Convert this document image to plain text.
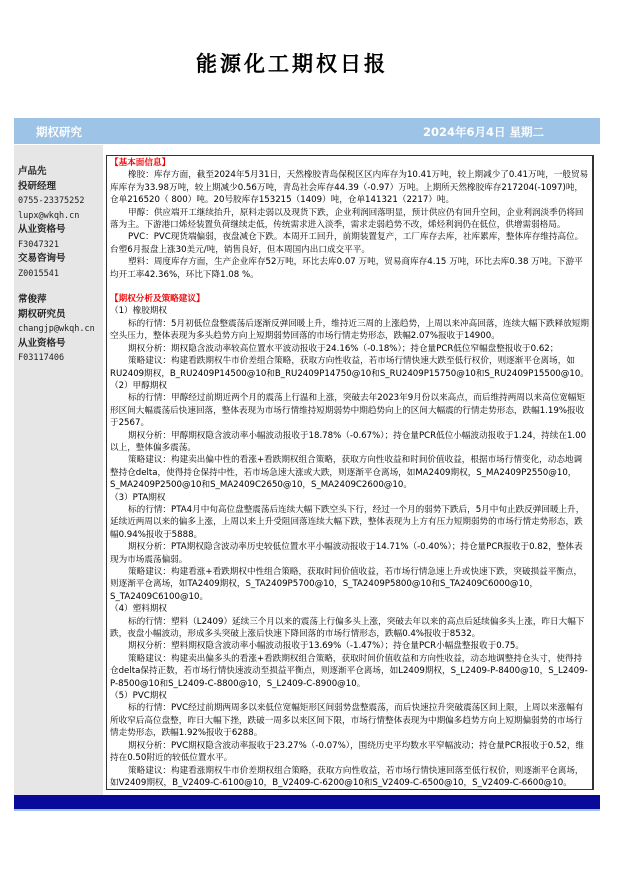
能源化工期权日报
期权研究	2024年6月4日 星期二
卢品先
投研经理
0755-23375252
lupx@wkqh.cn
从业资格号
F3047321
交易咨询号
Z0015541
常俊萍
期权研究员
changjp@wkqh.cn
从业资格号
F03117406
【基本面信息】

橡胶：库存方面，截至2024年5月31日，天然橡胶青岛保税区区内库存为10.41万吨，较上期减少了0.41万吨，一般贸易库库存为33.98万吨，较上期减少0.56万吨，青岛社会库存44.39（-0.97）万吨。上期所天然橡胶库存217204(-1097)吨，仓单216520（ 800）吨。20号胶库存153215（1409）吨，仓单141321（2217）吨。

甲醇：供应端开工继续抬升，原料走弱以及现货下跌，企业利润回落明显，预计供应仍有回升空间，企业利润淡季仍将回落为主。下游港口烯烃装置负荷继续走低，传统需求进入淡季，需求走弱趋势不改，烯烃利润仍在低位，供增需弱格局。

PVC：PVC现货端偏弱，夜盘减仓下跌。本周开工回升，前期装置复产，工厂库存去库，社库累库，整体库存维持高位。台塑6月报盘上涨30美元/吨，销售良好，但本周国内出口成交平平。

塑料：周度库存方面，生产企业库存52万吨，环比去库0.07 万吨，贸易商库存4.15 万吨，环比去库0.38 万吨。下游平均开工率42.36%，环比下降1.08 %。

【期权分析及策略建议】

（1）橡胶期权

标的行情：5月初低位盘整震荡后逐渐反弹回暖上升，维持近三周的上涨趋势，上周以来冲高回落，连续大幅下跌释放短期空头压力，整体表现为多头趋势方向上短期弱势回落的市场行情走势形态，跌幅2.07%报收于14900。

期权分析：期权隐含波动率较高位置水平波动报收于24.16%（-0.18%）；持仓量PCR低位窄幅盘整报收于0.62；

策略建议：构建看跌期权牛市价差组合策略，获取方向性收益，若市场行情快速大跌至低行权价，则逐渐平仓离场，如RU2409期权，B_RU2409P14500@10和B_RU2409P14750@10和S_RU2409P15750@10和S_RU2409P15500@10。

（2）甲醇期权

标的行情：甲醇经过前期近两个月的震荡上行温和上涨，突破去年2023年9月份以来高点，而后维持两周以来高位宽幅矩形区间大幅震荡后快速回落，整体表现为市场行情维持短期弱势中期趋势向上的区间大幅震的行情走势形态，跌幅1.19%报收于2567。

期权分析：甲醇期权隐含波动率小幅波动报收于18.78%（-0.67%）；持仓量PCR低位小幅波动报收于1.24，持续在1.00以上，整体偏多震荡。

策略建议：构建卖出偏中性的看涨+看跌期权组合策略，获取方向性收益和时间价值收益，根据市场行情变化，动态地调整持仓delta，使得持仓保持中性，若市场急速大涨或大跌，则逐渐平仓离场，如MA2409期权，S_MA2409P2550@10，S_MA2409P2500@10和S_MA2409C2650@10，S_MA2409C2600@10。

（3）PTA期权

标的行情：PTA4月中旬高位盘整震荡后连续大幅下跌空头下行，经过一个月的弱势下跌后，5月中旬止跌反弹回暖上升，延续近两周以来的偏多上涨，上周以来上升受阻回落连续大幅下跌，整体表现为上方有压力短期弱势的市场行情走势形态，跌幅0.94%报收于5888。

期权分析：PTA期权隐含波动率历史较低位置水平小幅波动报收于14.71%（-0.40%）；持仓量PCR报收于0.82，整体表现为市场震荡偏弱。

策略建议：构建看涨+看跌期权中性组合策略，获取时间价值收益，若市场行情急速上升或快速下跌，突破损益平衡点，则逐渐平仓离场，如TA2409期权，S_TA2409P5700@10，S_TA2409P5800@10和S_TA2409C6000@10，S_TA2409C6100@10。

（4）塑料期权

标的行情：塑料（L2409）延续三个月以来的震荡上行偏多头上涨，突破去年以来的高点后延续偏多头上涨，昨日大幅下跌，夜盘小幅波动，形成多头突破上涨后快速下降回落的市场行情形态，跌幅0.4%报收于8532。

期权分析：塑料期权隐含波动率小幅波动报收于13.69%（-1.47%）；持仓量PCR小幅盘整报收于0.75。

策略建议：构建卖出偏多头的看涨+看跌期权组合策略，获取时间价值收益和方向性收益，动态地调整持仓头寸，使得持仓delta保持正数，若市场行情快速波动至损益平衡点，则逐渐平仓离场，如L2409期权，S_L2409-P-8400@10，S_L2409-P-8500@10和S_L2409-C-8800@10，S_L2409-C-8900@10。

（5）PVC期权

标的行情：PVC经过前期两周多以来低位宽幅矩形区间弱势盘整震荡，而后快速拉升突破震荡区间上限，上周以来涨幅有所收窄后高位盘整，昨日大幅下挫，跌破一周多以来区间下限，市场行情整体表现为中期偏多趋势方向上短期偏弱势的市场行情走势形态，跌幅1.92%报收于6288。

期权分析：PVC期权隐含波动率报收于23.27%（-0.07%），围绕历史平均数水平窄幅波动；持仓量PCR报收于0.52，维持在0.50附近的较低位置水平。

策略建议：构建看涨期权牛市价差期权组合策略，获取方向性收益，若市场行情快速回落至低行权价，则逐渐平仓离场，如V2409期权，B_V2409-C-6100@10，B_V2409-C-6200@10和S_V2409-C-6500@10，S_V2409-C-6600@10。
